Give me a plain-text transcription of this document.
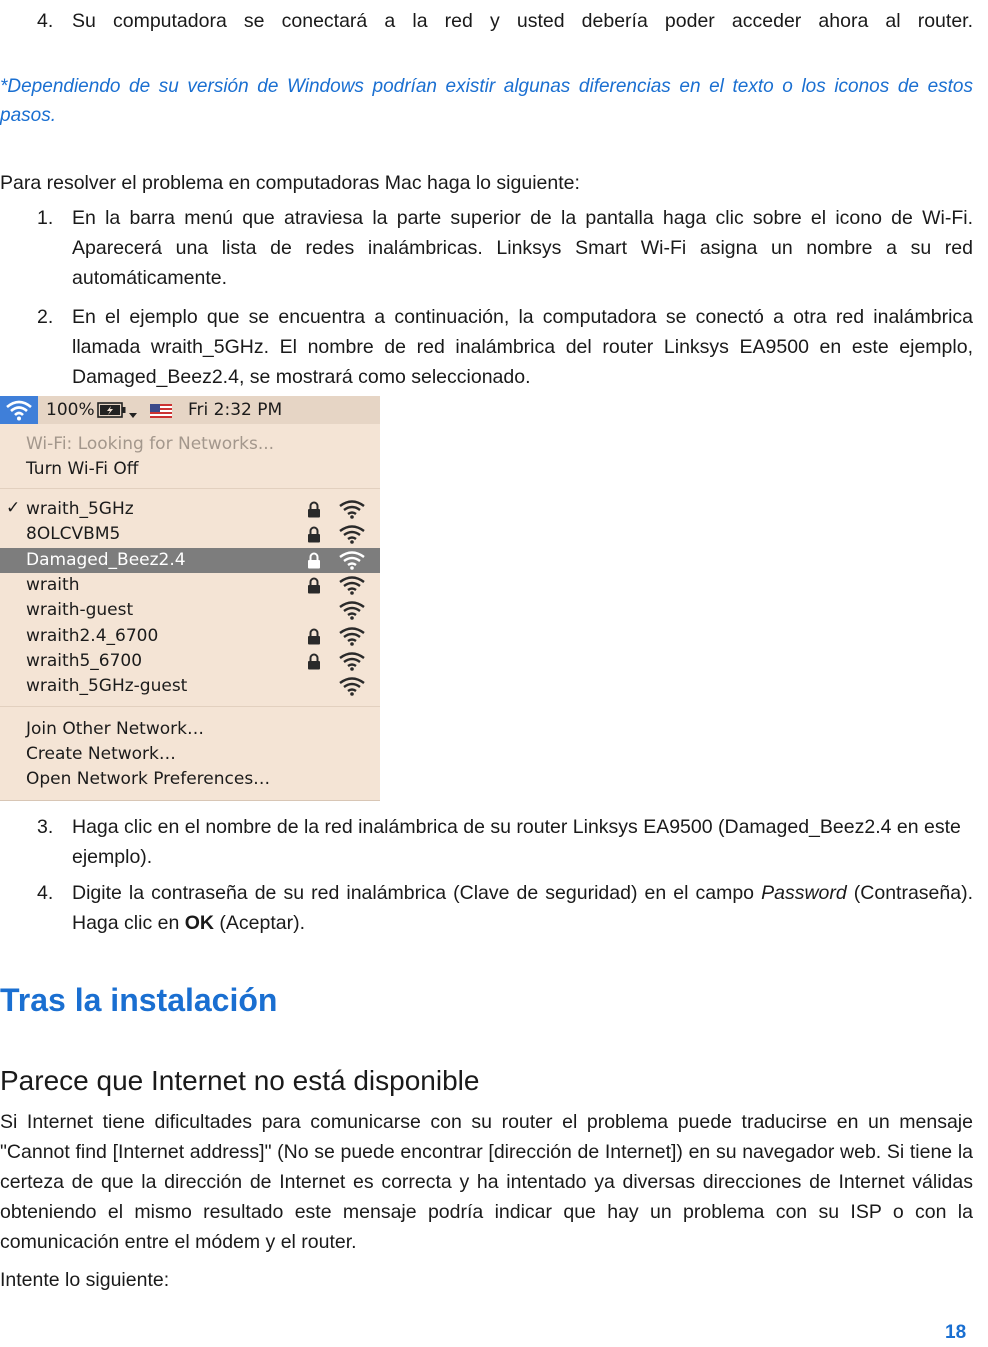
4. Su computadora se conectará a la red y usted debería poder acceder ahora al router.
*Dependiendo de su versión de Windows podrían existir algunas diferencias en el texto o los iconos de estos pasos.
Para resolver el problema en computadoras Mac haga lo siguiente:
1. En la barra menú que atraviesa la parte superior de la pantalla haga clic sobre el icono de Wi-Fi. Aparecerá una lista de redes inalámbricas. Linksys Smart Wi-Fi asigna un nombre a su red automáticamente.
2. En el ejemplo que se encuentra a continuación, la computadora se conectó a otra red inalámbrica llamada wraith_5GHz. El nombre de red inalámbrica del router Linksys EA9500 en este ejemplo, Damaged_Beez2.4, se mostrará como seleccionado.
100%	Fri 2:32 PM
Wi-Fi: Looking for Networks...
Turn Wi-Fi Off
✓ wraith_5GHz
8OLCVBM5
Damaged_Beez2.4
wraith
wraith-guest
wraith2.4_6700
wraith5_6700
wraith_5GHz-guest
Join Other Network…
Create Network…
Open Network Preferences…
3. Haga clic en el nombre de la red inalámbrica de su router Linksys EA9500 (Damaged_Beez2.4 en este ejemplo).
4. Digite la contraseña de su red inalámbrica (Clave de seguridad) en el campo Password (Contraseña). Haga clic en OK (Aceptar).
Tras la instalación
Parece que Internet no está disponible
Si Internet tiene dificultades para comunicarse con su router el problema puede traducirse en un mensaje "Cannot find [Internet address]" (No se puede encontrar [dirección de Internet]) en su navegador web. Si tiene la certeza de que la dirección de Internet es correcta y ha intentado ya diversas direcciones de Internet válidas obteniendo el mismo resultado este mensaje podría indicar que hay un problema con su ISP o con la comunicación entre el módem y el router.
Intente lo siguiente:
18
